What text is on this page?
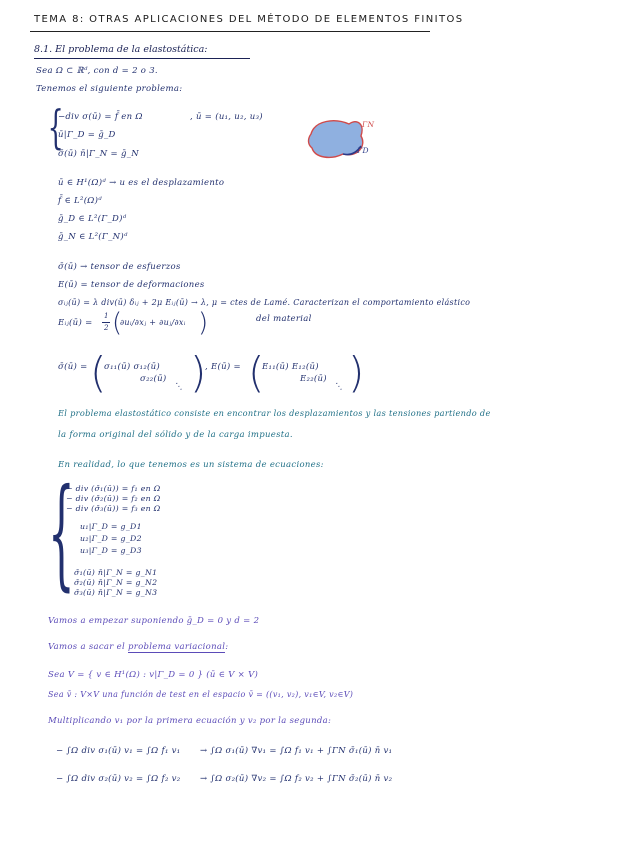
TEMA 8: OTRAS APLICACIONES DEL MÉTODO DE ELEMENTOS FINITOS
8.1. El problema de la elastostática:
Sea Ω ⊂ ℝᵈ, con d = 2 o 3.
Tenemos el siguiente problema:
{
−div σ(ū) = f̄ en Ω	, ū = (u₁, u₂, u₃)
ū|Γ_D = ḡ_D
σ̄(ū) n̄|Γ_N = ḡ_N
ΓN
ΓD
ū ∈ H¹(Ω)ᵈ → u es el desplazamiento
f̄ ∈ L²(Ω)ᵈ
ḡ_D ∈ L²(Γ_D)ᵈ
ḡ_N ∈ L²(Γ_N)ᵈ
σ̄(ū) → tensor de esfuerzos
E(ū) = tensor de deformaciones
σᵢⱼ(ū) = λ div(ū) δᵢⱼ + 2μ Eᵢⱼ(ū) → λ, μ = ctes de Lamé. Caracterizan el comportamiento elástico
del material
Eᵢⱼ(ū) =
1
2 (
∂uᵢ/∂xⱼ + ∂uⱼ/∂xᵢ )
σ̄(ū) = (
σ₁₁(ū) σ₁₂(ū)
σ₂₂(ū)
⋱ )
, E(ū) = (
E₁₁(ū) E₁₂(ū)
E₂₂(ū)
⋱ )
El problema elastostático consiste en encontrar los desplazamientos y las tensiones partiendo de
la forma original del sólido y de la carga impuesta.
En realidad, lo que tenemos es un sistema de ecuaciones:
{
− div (σ̄₁(ū)) = f₁ en Ω
− div (σ̄₂(ū)) = f₂ en Ω
− div (σ̄₃(ū)) = f₃ en Ω
u₁|Γ_D = g_D1
u₂|Γ_D = g_D2
u₃|Γ_D = g_D3
σ̄₁(ū) n̄|Γ_N = g_N1
σ̄₂(ū) n̄|Γ_N = g_N2
σ̄₃(ū) n̄|Γ_N = g_N3
Vamos a empezar suponiendo ḡ_D = 0 y d = 2
Vamos a sacar el problema variacional:
Sea V = { v ∈ H¹(Ω) : v|Γ_D = 0 } (ū ∈ V × V)
Sea v̄ : V×V una función de test en el espacio v̄ = ((v₁, v₂), v₁∈V, v₂∈V)
Multiplicando v₁ por la primera ecuación y v₂ por la segunda:
− ∫Ω div σ₁(ū) v₁ = ∫Ω f₁ v₁ → ∫Ω σ₁(ū) ∇v₁ = ∫Ω f₁ v₁ + ∫ΓN σ̄₁(ū) n̄ v₁
− ∫Ω div σ₂(ū) v₂ = ∫Ω f₂ v₂ → ∫Ω σ₂(ū) ∇v₂ = ∫Ω f₂ v₂ + ∫ΓN σ̄₂(ū) n̄ v₂
